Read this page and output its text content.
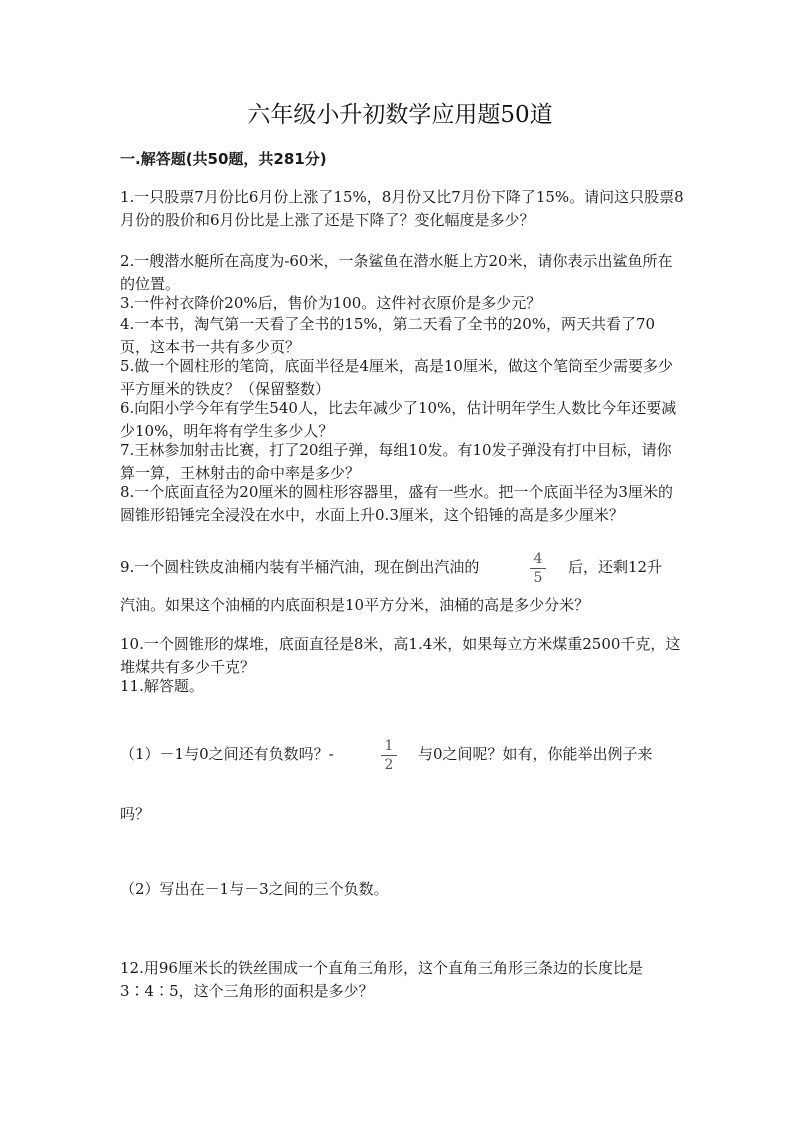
六年级小升初数学应用题50道
一.解答题(共50题，共281分)
1.一只股票7月份比6月份上涨了15%，8月份又比7月份下降了15%。请问这只股票8月份的股价和6月份比是上涨了还是下降了？变化幅度是多少？
2.一艘潜水艇所在高度为-60米，一条鲨鱼在潜水艇上方20米，请你表示出鲨鱼所在的位置。
3.一件衬衣降价20%后，售价为100。这件衬衣原价是多少元？
4.一本书，淘气第一天看了全书的15%，第二天看了全书的20%，两天共看了70页，这本书一共有多少页？
5.做一个圆柱形的笔筒，底面半径是4厘米，高是10厘米，做这个笔筒至少需要多少平方厘米的铁皮？（保留整数）
6.向阳小学今年有学生540人，比去年减少了10%，估计明年学生人数比今年还要减少10%，明年将有学生多少人？
7.王林参加射击比赛，打了20组子弹，每组10发。有10发子弹没有打中目标，请你算一算，王林射击的命中率是多少？
8.一个底面直径为20厘米的圆柱形容器里，盛有一些水。把一个底面半径为3厘米的圆锥形铅锤完全浸没在水中，水面上升0.3厘米，这个铅锤的高是多少厘米？
9.一个圆柱铁皮油桶内装有半桶汽油，现在倒出汽油的	4
5
后，还剩12升
汽油。如果这个油桶的内底面积是10平方分米，油桶的高是多少分米？
10.一个圆锥形的煤堆，底面直径是8米，高1.4米，如果每立方米煤重2500千克，这堆煤共有多少千克？
11.解答题。
（1）－1与0之间还有负数吗？-	1
2
与0之间呢？如有，你能举出例子来
吗？
（2）写出在－1与－3之间的三个负数。
12.用96厘米长的铁丝围成一个直角三角形，这个直角三角形三条边的长度比是3∶4∶5，这个三角形的面积是多少？
